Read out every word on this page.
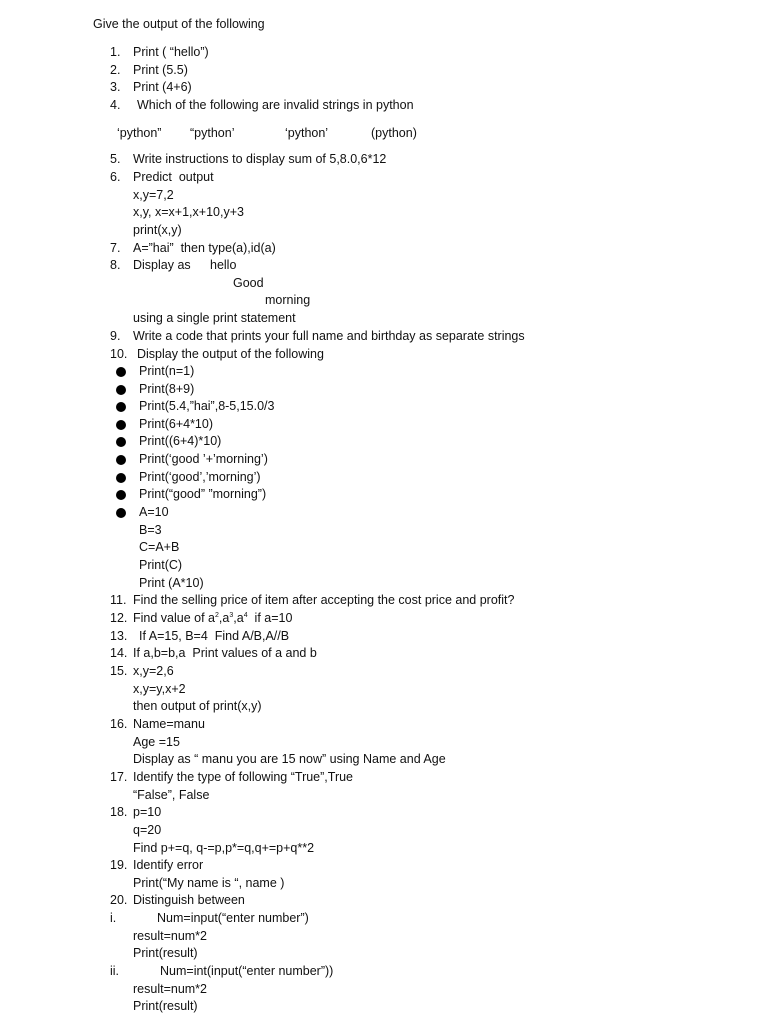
Give the output of the following
1. Print ( “hello”)
2. Print (5.5)
3. Print (4+6)
4. Which of the following are invalid strings in python
‘python” “python’	‘python’	(python)
5. Write instructions to display sum of 5,8.0,6*12
6. Predict  output
x,y=7,2
x,y, x=x+1,x+10,y+3
print(x,y)
7. A=”hai”  then type(a),id(a)
8. Display as hello
Good
morning
using a single print statement
9. Write a code that prints your full name and birthday as separate strings
10. Display the output of the following
Print(n=1)
Print(8+9)
Print(5.4,”hai”,8-5,15.0/3
Print(6+4*10)
Print((6+4)*10)
Print(‘good ’+’morning’)
Print(‘good’,’morning’)
Print(“good” ”morning”)
A=10
B=3
C=A+B
Print(C)
Print (A*10)
11. Find the selling price of item after accepting the cost price and profit?
12. Find value of $a^2,a^3,a^4$  if a=10
13. If A=15, B=4  Find A/B,A//B
14. If a,b=b,a  Print values of a and b
15. x,y=2,6
x,y=y,x+2
then output of print(x,y)
16. Name=manu
Age =15
Display as “ manu you are 15 now” using Name and Age
17. Identify the type of following “True”,True
“False”, False
18. p=10
q=20
Find p+=q, q-=p,p*=q,q+=p+q**2
19. Identify error
Print(“My name is “, name )
20. Distinguish between
i.	Num=input(“enter number”)
result=num*2
Print(result)
ii.	Num=int(input(“enter number”))
result=num*2
Print(result)
